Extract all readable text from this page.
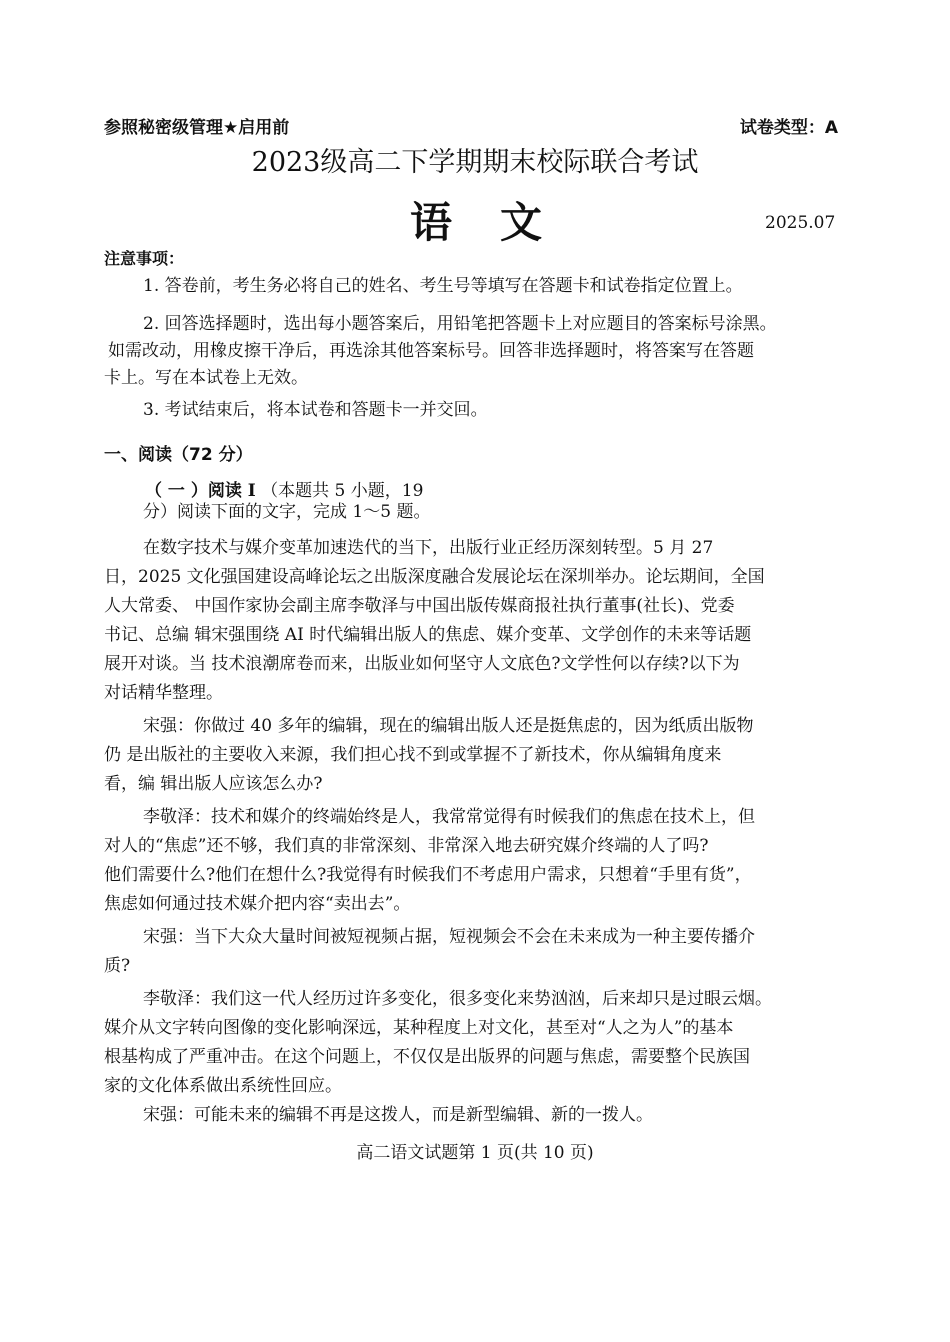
参照秘密级管理★启用前	试卷类型：A
2023级高二下学期期末校际联合考试
语文	2025.07
注意事项：
1. 答卷前，考生务必将自己的姓名、考生号等填写在答题卡和试卷指定位置上。
2. 回答选择题时，选出每小题答案后，用铅笔把答题卡上对应题目的答案标号涂黑。
如需改动，用橡皮擦干净后，再选涂其他答案标号。回答非选择题时，将答案写在答题
卡上。写在本试卷上无效。
3. 考试结束后，将本试卷和答题卡一并交回。
一、阅读（72 分）
（ 一 ）阅读 I （本题共 5 小题，19
分）阅读下面的文字，完成 1～5 题。
在数字技术与媒介变革加速迭代的当下，出版行业正经历深刻转型。5 月 27
日，2025 文化强国建设高峰论坛之出版深度融合发展论坛在深圳举办。论坛期间，全国
人大常委、 中国作家协会副主席李敬泽与中国出版传媒商报社执行董事(社长)、党委
书记、总编 辑宋强围绕 AI 时代编辑出版人的焦虑、媒介变革、文学创作的未来等话题
展开对谈。当 技术浪潮席卷而来，出版业如何坚守人文底色?文学性何以存续?以下为
对话精华整理。
宋强：你做过 40 多年的编辑，现在的编辑出版人还是挺焦虑的，因为纸质出版物
仍 是出版社的主要收入来源，我们担心找不到或掌握不了新技术，你从编辑角度来
看，编 辑出版人应该怎么办?
李敬泽：技术和媒介的终端始终是人，我常常觉得有时候我们的焦虑在技术上，但
对人的“焦虑”还不够，我们真的非常深刻、非常深入地去研究媒介终端的人了吗?
他们需要什么?他们在想什么?我觉得有时候我们不考虑用户需求，只想着“手里有货”，
焦虑如何通过技术媒介把内容“卖出去”。
宋强：当下大众大量时间被短视频占据，短视频会不会在未来成为一种主要传播介
质?
李敬泽：我们这一代人经历过许多变化，很多变化来势汹汹，后来却只是过眼云烟。
媒介从文字转向图像的变化影响深远，某种程度上对文化，甚至对“人之为人”的基本
根基构成了严重冲击。在这个问题上，不仅仅是出版界的问题与焦虑，需要整个民族国
家的文化体系做出系统性回应。
宋强：可能未来的编辑不再是这拨人，而是新型编辑、新的一拨人。
高二语文试题第 1 页(共 10 页)
